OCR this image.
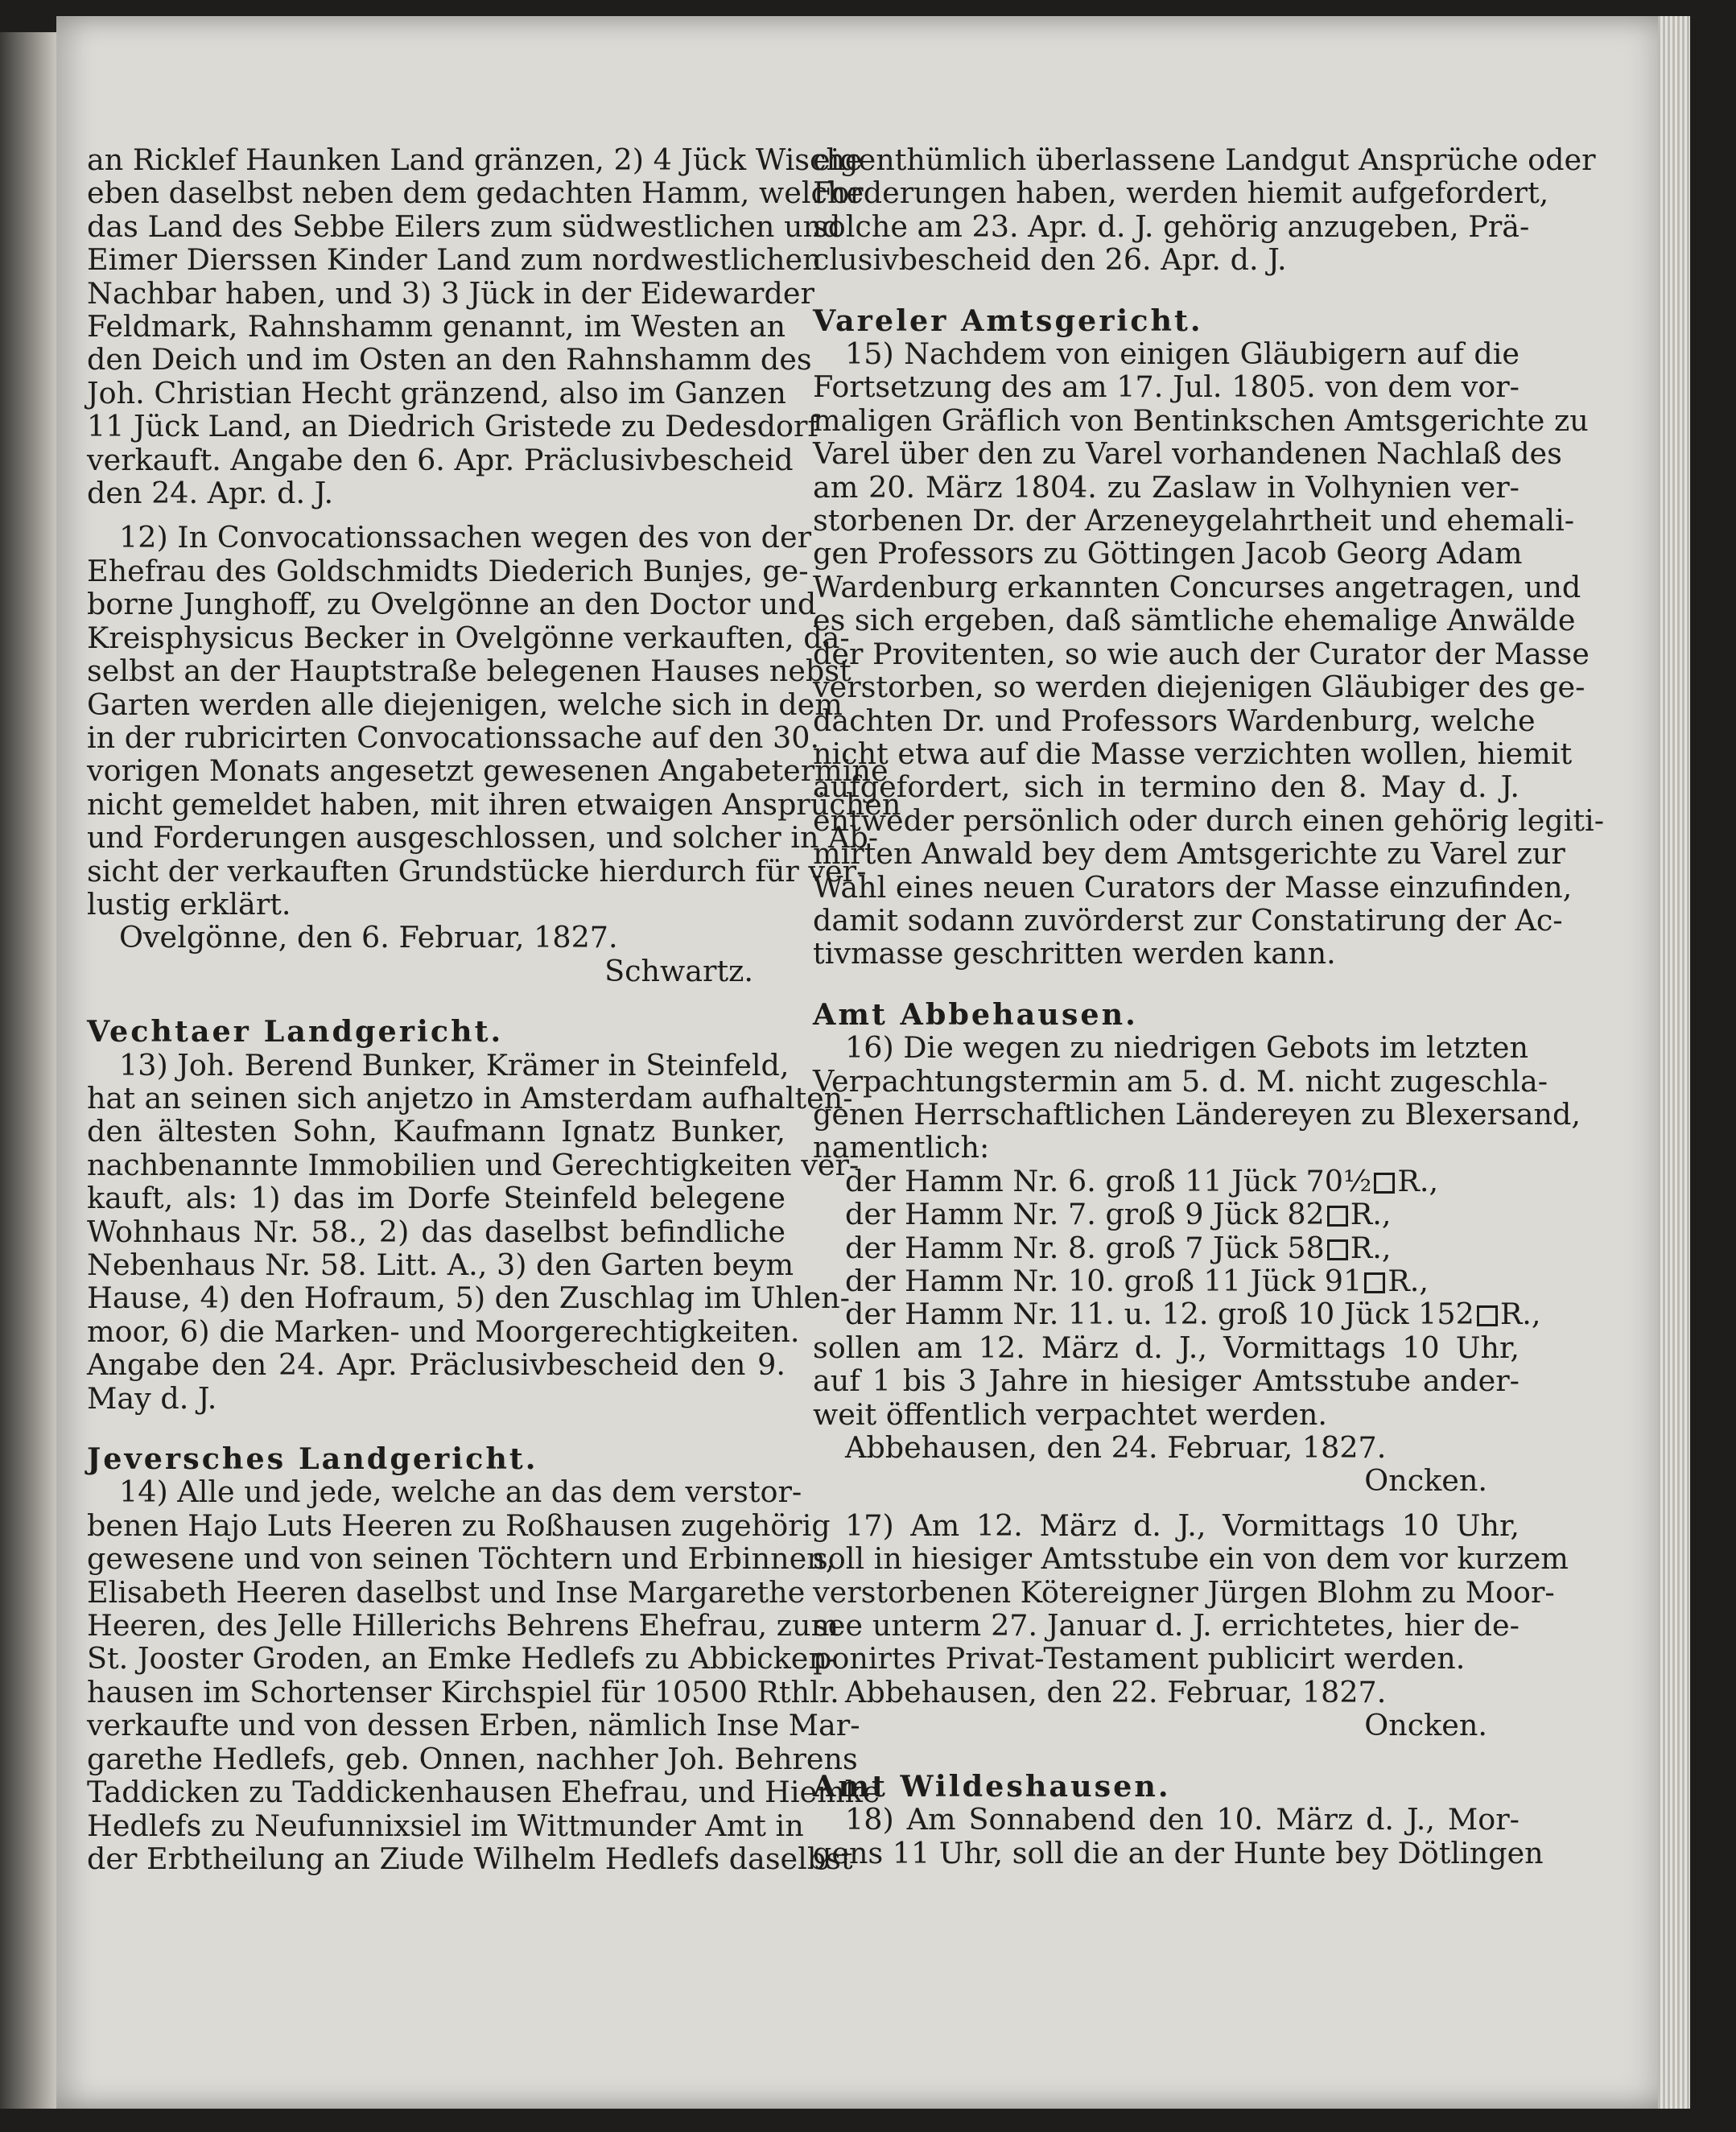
an Ricklef Haunken Land gränzen, 2) 4 Jück Wische
eben daselbst neben dem gedachten Hamm, welche
das Land des Sebbe Eilers zum südwestlichen und
Eimer Dierssen Kinder Land zum nordwestlichen
Nachbar haben, und 3) 3 Jück in der Eidewarder
Feldmark, Rahnshamm genannt, im Westen an
den Deich und im Osten an den Rahnshamm des
Joh. Christian Hecht gränzend, also im Ganzen
11 Jück Land, an Diedrich Gristede zu Dedesdorf
verkauft. Angabe den 6. Apr. Präclusivbescheid
den 24. Apr. d. J.
12) In Convocationssachen wegen des von der
Ehefrau des Goldschmidts Diederich Bunjes, ge-
borne Junghoff, zu Ovelgönne an den Doctor und
Kreisphysicus Becker in Ovelgönne verkauften, da-
selbst an der Hauptstraße belegenen Hauses nebst
Garten werden alle diejenigen, welche sich in dem
in der rubricirten Convocationssache auf den 30.
vorigen Monats angesetzt gewesenen Angabetermine
nicht gemeldet haben, mit ihren etwaigen Ansprüchen
und Forderungen ausgeschlossen, und solcher in Ab-
sicht der verkauften Grundstücke hierdurch für ver-
lustig erklärt.
Ovelgönne, den 6. Februar, 1827.
Schwartz.
Vechtaer Landgericht.
13) Joh. Berend Bunker, Krämer in Steinfeld,
hat an seinen sich anjetzo in Amsterdam aufhalten-
den ältesten Sohn, Kaufmann Ignatz Bunker,
nachbenannte Immobilien und Gerechtigkeiten ver-
kauft, als: 1) das im Dorfe Steinfeld belegene
Wohnhaus Nr. 58., 2) das daselbst befindliche
Nebenhaus Nr. 58. Litt. A., 3) den Garten beym
Hause, 4) den Hofraum, 5) den Zuschlag im Uhlen-
moor, 6) die Marken- und Moorgerechtigkeiten.
Angabe den 24. Apr. Präclusivbescheid den 9.
May d. J.
Jeversches Landgericht.
14) Alle und jede, welche an das dem verstor-
benen Hajo Luts Heeren zu Roßhausen zugehörig
gewesene und von seinen Töchtern und Erbinnen,
Elisabeth Heeren daselbst und Inse Margarethe
Heeren, des Jelle Hillerichs Behrens Ehefrau, zum
St. Jooster Groden, an Emke Hedlefs zu Abbicken-
hausen im Schortenser Kirchspiel für 10500 Rthlr.
verkaufte und von dessen Erben, nämlich Inse Mar-
garethe Hedlefs, geb. Onnen, nachher Joh. Behrens
Taddicken zu Taddickenhausen Ehefrau, und Hiemke
Hedlefs zu Neufunnixsiel im Wittmunder Amt in
der Erbtheilung an Ziude Wilhelm Hedlefs daselbst
eigenthümlich überlassene Landgut Ansprüche oder
Forderungen haben, werden hiemit aufgefordert,
solche am 23. Apr. d. J. gehörig anzugeben, Prä-
clusivbescheid den 26. Apr. d. J.
Vareler Amtsgericht.
15) Nachdem von einigen Gläubigern auf die
Fortsetzung des am 17. Jul. 1805. von dem vor-
maligen Gräflich von Bentinkschen Amtsgerichte zu
Varel über den zu Varel vorhandenen Nachlaß des
am 20. März 1804. zu Zaslaw in Volhynien ver-
storbenen Dr. der Arzeneygelahrtheit und ehemali-
gen Professors zu Göttingen Jacob Georg Adam
Wardenburg erkannten Concurses angetragen, und
es sich ergeben, daß sämtliche ehemalige Anwälde
der Provitenten, so wie auch der Curator der Masse
verstorben, so werden diejenigen Gläubiger des ge-
dachten Dr. und Professors Wardenburg, welche
nicht etwa auf die Masse verzichten wollen, hiemit
aufgefordert, sich in termino den 8. May d. J.
entweder persönlich oder durch einen gehörig legiti-
mirten Anwald bey dem Amtsgerichte zu Varel zur
Wahl eines neuen Curators der Masse einzufinden,
damit sodann zuvörderst zur Constatirung der Ac-
tivmasse geschritten werden kann.
Amt Abbehausen.
16) Die wegen zu niedrigen Gebots im letzten
Verpachtungstermin am 5. d. M. nicht zugeschla-
genen Herrschaftlichen Ländereyen zu Blexersand,
namentlich:
der Hamm Nr. 6. groß 11 Jück 70½ R.,
der Hamm Nr. 7. groß 9 Jück 82 R.,
der Hamm Nr. 8. groß 7 Jück 58 R.,
der Hamm Nr. 10. groß 11 Jück 91 R.,
der Hamm Nr. 11. u. 12. groß 10 Jück 152 R.,
sollen am 12. März d. J., Vormittags 10 Uhr,
auf 1 bis 3 Jahre in hiesiger Amtsstube ander-
weit öffentlich verpachtet werden.
Abbehausen, den 24. Februar, 1827.
Oncken.
17) Am 12. März d. J., Vormittags 10 Uhr,
soll in hiesiger Amtsstube ein von dem vor kurzem
verstorbenen Kötereigner Jürgen Blohm zu Moor-
see unterm 27. Januar d. J. errichtetes, hier de-
ponirtes Privat-Testament publicirt werden.
Abbehausen, den 22. Februar, 1827.
Oncken.
Amt Wildeshausen.
18) Am Sonnabend den 10. März d. J., Mor-
gens 11 Uhr, soll die an der Hunte bey Dötlingen
